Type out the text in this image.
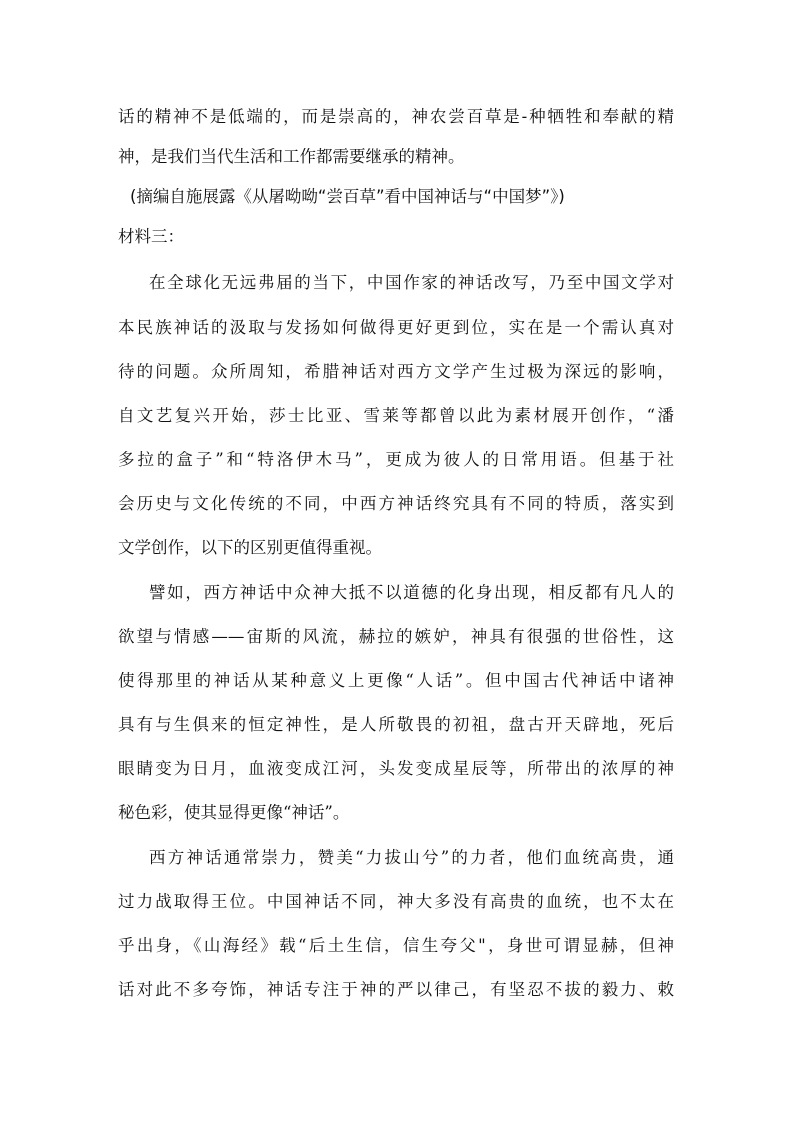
话的精神不是低端的，而是崇高的，神农尝百草是-种牺牲和奉献的精
神，是我们当代生活和工作都需要继承的精神。
(摘编自施展露《从屠呦呦“尝百草”看中国神话与“中国梦”》)
材料三：
在全球化无远弗届的当下，中国作家的神话改写，乃至中国文学对
本民族神话的汲取与发扬如何做得更好更到位，实在是一个需认真对
待的问题。众所周知，希腊神话对西方文学产生过极为深远的影响，
自文艺复兴开始，莎士比亚、雪莱等都曾以此为素材展开创作，“潘
多拉的盒子”和“特洛伊木马”，更成为彼人的日常用语。但基于社
会历史与文化传统的不同，中西方神话终究具有不同的特质，落实到
文学创作，以下的区别更值得重视。
譬如，西方神话中众神大抵不以道德的化身出现，相反都有凡人的
欲望与情感——宙斯的风流，赫拉的嫉妒，神具有很强的世俗性，这
使得那里的神话从某种意义上更像“人话”。但中国古代神话中诸神
具有与生俱来的恒定神性，是人所敬畏的初祖，盘古开天辟地，死后
眼睛变为日月，血液变成江河，头发变成星辰等，所带出的浓厚的神
秘色彩，使其显得更像“神话”。
西方神话通常崇力，赞美“力拔山兮”的力者，他们血统高贵，通
过力战取得王位。中国神话不同，神大多没有高贵的血统，也不太在
乎出身，《山海经》载“后土生信，信生夸父"，身世可谓显赫，但神
话对此不多夸饰，神话专注于神的严以律己，有坚忍不拔的毅力、敕
